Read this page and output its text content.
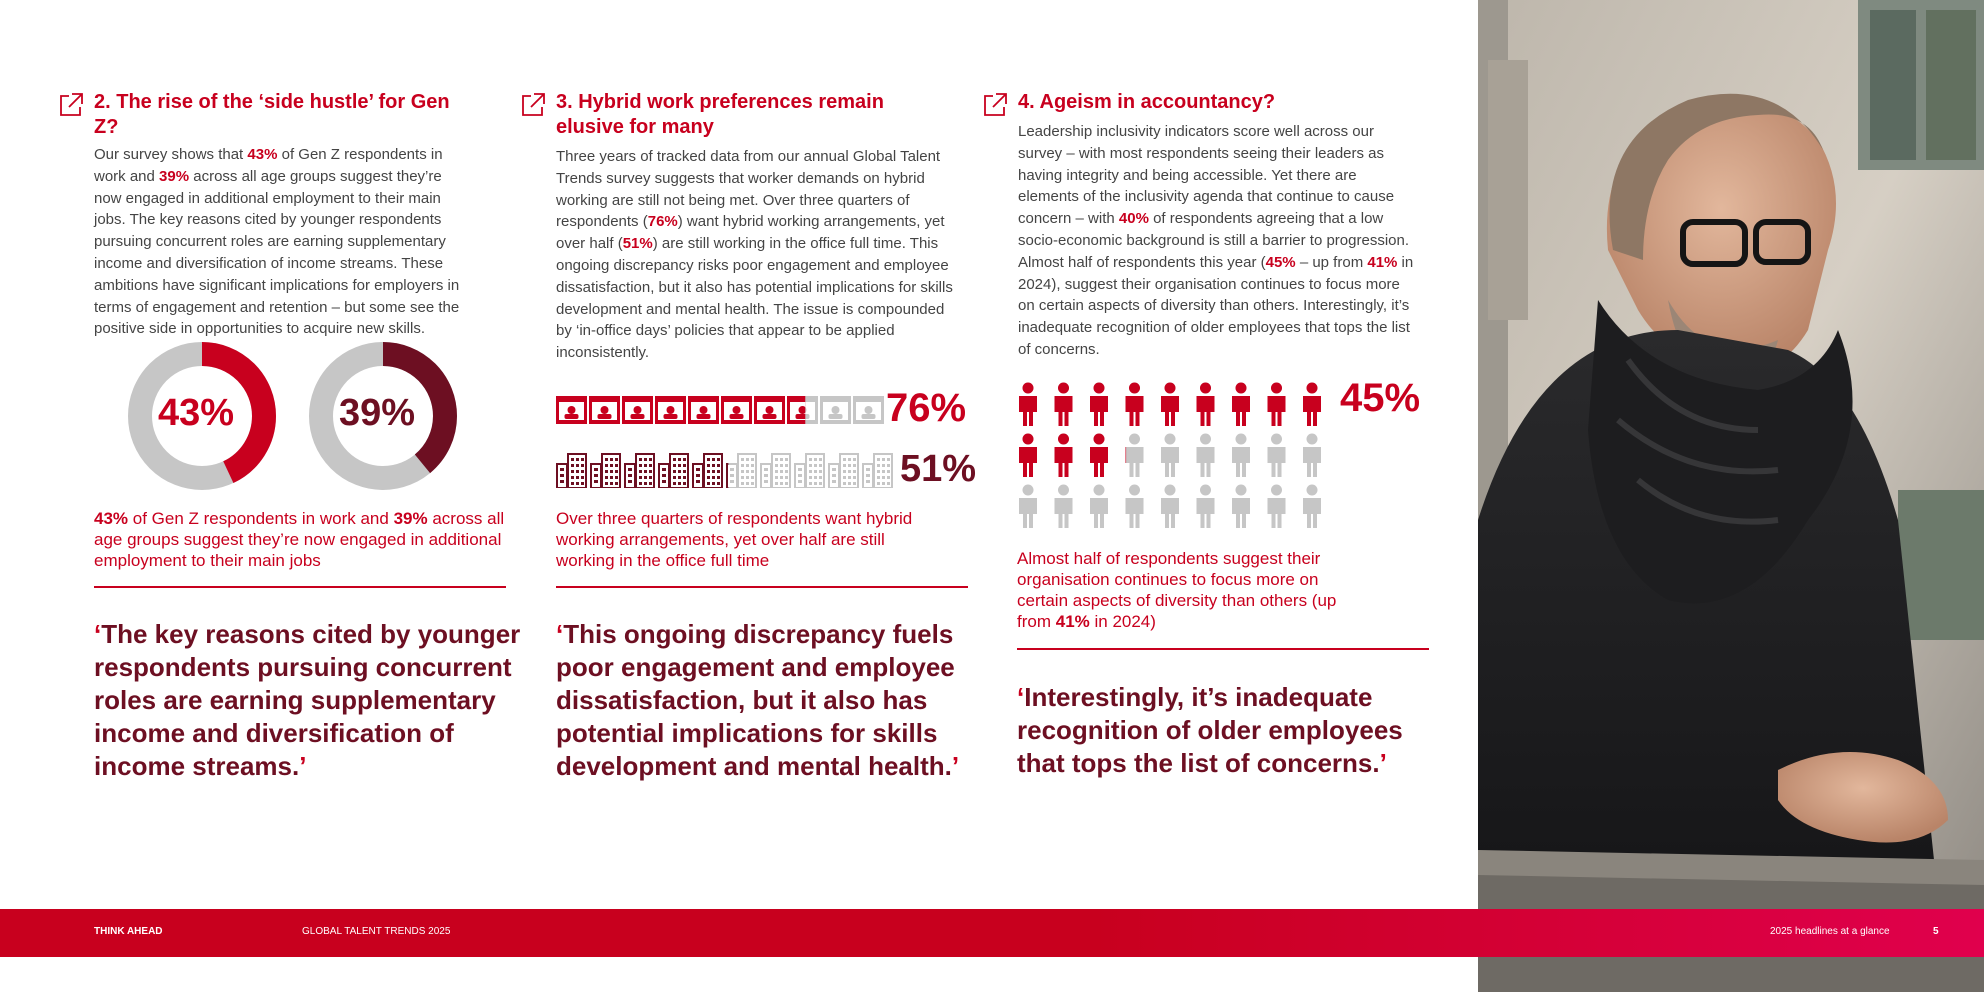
2. The rise of the ‘side hustle’ for Gen Z?
Our survey shows that 43% of Gen Z respondents in work and 39% across all age groups suggest they’re now engaged in additional employment to their main jobs. The key reasons cited by younger respondents pursuing concurrent roles are earning supplementary income and diversification of income streams. These ambitions have significant implications for employers in terms of engagement and retention – but some see the positive side in opportunities to acquire new skills.
43%	39%
43% of Gen Z respondents in work and 39% across all age groups suggest they’re now engaged in additional employment to their main jobs
‘The key reasons cited by younger respondents pursuing concurrent roles are earning supplementary income and diversification of income streams.’
3. Hybrid work preferences remain elusive for many
Three years of tracked data from our annual Global Talent Trends survey suggests that worker demands on hybrid working are still not being met. Over three quarters of respondents (76%) want hybrid working arrangements, yet over half (51%) are still working in the office full time. This ongoing discrepancy risks poor engagement and employee dissatisfaction, but it also has potential implications for skills development and mental health. The issue is compounded by ‘in-office days’ policies that appear to be applied inconsistently.
76%
51%
Over three quarters of respondents want hybrid working arrangements, yet over half are still working in the office full time
‘This ongoing discrepancy fuels poor engagement and employee dissatisfaction, but it also has potential implications for skills development and mental health.’
4. Ageism in accountancy?
Leadership inclusivity indicators score well across our survey – with most respondents seeing their leaders as having integrity and being accessible. Yet there are elements of the inclusivity agenda that continue to cause concern – with 40% of respondents agreeing that a low socio-economic background is still a barrier to progression. Almost half of respondents this year (45% – up from 41% in 2024), suggest their organisation continues to focus more on certain aspects of diversity than others. Interestingly, it’s inadequate recognition of older employees that tops the list of concerns.
45%
Almost half of respondents suggest their organisation continues to focus more on certain aspects of diversity than others (up from 41% in 2024)
‘Interestingly, it’s inadequate recognition of older employees that tops the list of concerns.’
THINK AHEAD	GLOBAL TALENT TRENDS 2025	2025 headlines at a glance	5
